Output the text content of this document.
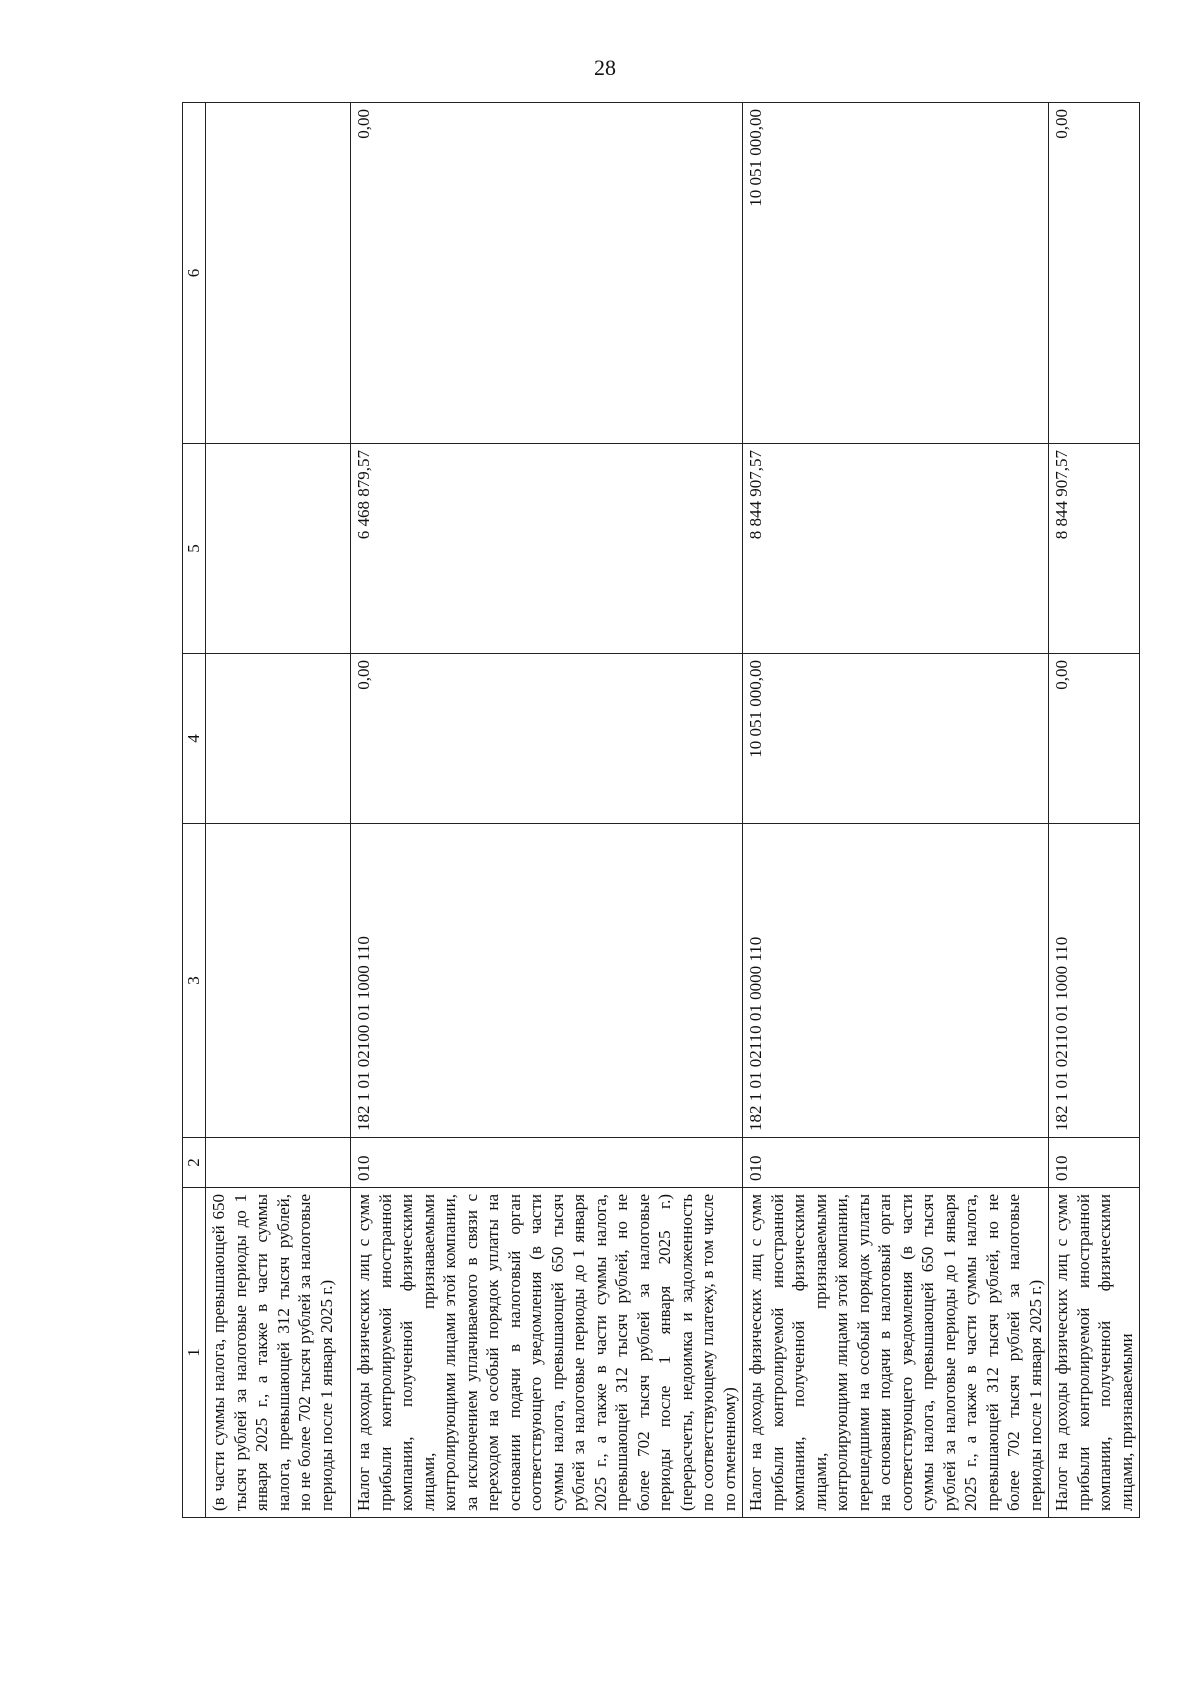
28
1	2	3	4	5	6
(в части суммы налога, превышающей 650 тысяч рублей за налоговые периоды до 1 января 2025 г., а также в части суммы налога, превышающей 312 тысяч рублей, но не более 702 тысяч рублей за налоговые периоды после 1 января 2025 г.)					
Налог на доходы физических лиц с сумм прибыли контролируемой иностранной компании, полученной физическими лицами, признаваемыми контролирующими лицами этой компании, за исключением уплачиваемого в связи с переходом на особый порядок уплаты на основании подачи в налоговый орган соответствующего уведомления (в части суммы налога, превышающей 650 тысяч рублей за налоговые периоды до 1 января 2025 г., а также в части суммы налога, превышающей 312 тысяч рублей, но не более 702 тысяч рублей за налоговые периоды после 1 января 2025 г.) (перерасчеты, недоимка и задолженность по соответствующему платежу, в том числе по отмененному)	010	182 1 01 02100 01 1000 110	0,00	6 468 879,57	0,00
Налог на доходы физических лиц с сумм прибыли контролируемой иностранной компании, полученной физическими лицами, признаваемыми контролирующими лицами этой компании, перешедшими на особый порядок уплаты на основании подачи в налоговый орган соответствующего уведомления (в части суммы налога, превышающей 650 тысяч рублей за налоговые периоды до 1 января 2025 г., а также в части суммы налога, превышающей 312 тысяч рублей, но не более 702 тысяч рублей за налоговые периоды после 1 января 2025 г.)	010	182 1 01 02110 01 0000 110	10 051 000,00	8 844 907,57	10 051 000,00
Налог на доходы физических лиц с сумм прибыли контролируемой иностранной компании, полученной физическими лицами, признаваемыми	010	182 1 01 02110 01 1000 110	0,00	8 844 907,57	0,00
